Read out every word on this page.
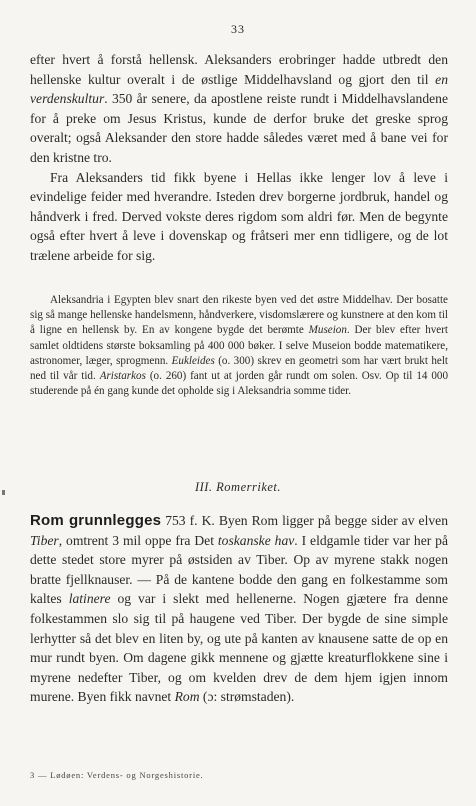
33

efter hvert å forstå hellensk. Aleksanders erobringer hadde utbredt den hellenske kultur overalt i de østlige Middelhavsland og gjort den til en verdenskultur. 350 år senere, da apostlene reiste rundt i Middelhavslandene for å preke om Jesus Kristus, kunde de derfor bruke det greske sprog overalt; også Aleksander den store hadde således været med å bane vei for den kristne tro.

Fra Aleksanders tid fikk byene i Hellas ikke lenger lov å leve i evindelige feider med hverandre. Isteden drev borgerne jordbruk, handel og håndverk i fred. Derved vokste deres rigdom som aldri før. Men de begynte også efter hvert å leve i dovenskap og fråtseri mer enn tidligere, og de lot trælene arbeide for sig.

Aleksandria i Egypten blev snart den rikeste byen ved det østre Middelhav. Der bosatte sig så mange hellenske handelsmenn, håndverkere, visdomslærere og kunstnere at den kom til å ligne en hellensk by. En av kongene bygde det berømte Museion. Der blev efter hvert samlet oldtidens største boksamling på 400 000 bøker. I selve Museion bodde matematikere, astronomer, læger, sprogmenn. Eukleides (o. 300) skrev en geometri som har vært brukt helt ned til vår tid. Aristarkos (o. 260) fant ut at jorden går rundt om solen. Osv. Op til 14 000 studerende på én gang kunde det opholde sig i Aleksandria somme tider.

III. Romerriket.

Rom grunnlegges 753 f. K. Byen Rom ligger på begge sider av elven Tiber, omtrent 3 mil oppe fra Det toskanske hav. I eldgamle tider var her på dette stedet store myrer på østsiden av Tiber. Op av myrene stakk nogen bratte fjellknauser. — På de kantene bodde den gang en folkestamme som kaltes latinere og var i slekt med hellenerne. Nogen gjætere fra denne folkestammen slo sig til på haugene ved Tiber. Der bygde de sine simple lerhytter så det blev en liten by, og ute på kanten av knausene satte de op en mur rundt byen. Om dagene gikk mennene og gjætte kreaturflokkene sine i myrene nedefter Tiber, og om kvelden drev de dem hjem igjen innom murene. Byen fikk navnet Rom (ɔ: strømstaden).

3 — Lødøen: Verdens- og Norgeshistorie.
